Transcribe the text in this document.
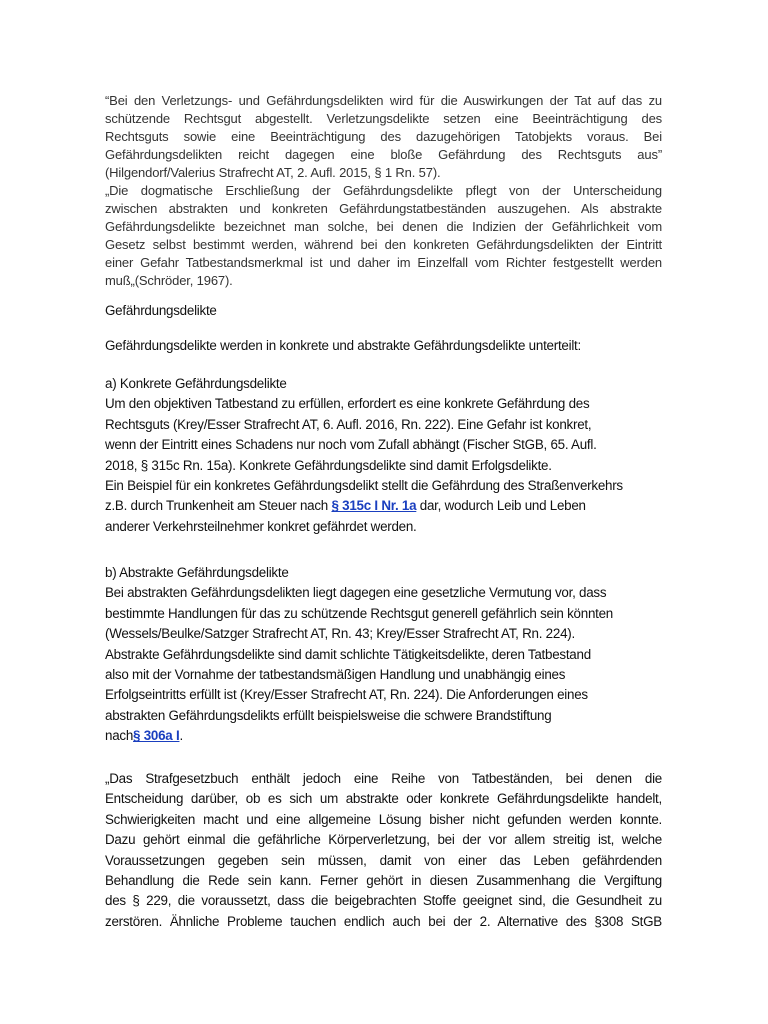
“Bei den Verletzungs- und Gefährdungsdelikten wird für die Auswirkungen der Tat auf das zu
schützende Rechtsgut abgestellt. Verletzungsdelikte setzen eine Beeinträchtigung des
Rechtsguts sowie eine Beeinträchtigung des dazugehörigen Tatobjekts voraus. Bei
Gefährdungsdelikten reicht dagegen eine bloße Gefährdung des Rechtsguts aus”
(Hilgendorf/Valerius Strafrecht AT, 2. Aufl. 2015, § 1 Rn. 57).
„Die dogmatische Erschließung der Gefährdungsdelikte pflegt von der Unterscheidung
zwischen abstrakten und konkreten Gefährdungstatbeständen auszugehen. Als abstrakte
Gefährdungsdelikte bezeichnet man solche, bei denen die Indizien der Gefährlichkeit vom
Gesetz selbst bestimmt werden, während bei den konkreten Gefährdungsdelikten der Eintritt
einer Gefahr Tatbestandsmerkmal ist und daher im Einzelfall vom Richter festgestellt werden
muß„(Schröder, 1967).
Gefährdungsdelikte
Gefährdungsdelikte werden in konkrete und abstrakte Gefährdungsdelikte unterteilt:
a) Konkrete Gefährdungsdelikte
Um den objektiven Tatbestand zu erfüllen, erfordert es eine konkrete Gefährdung des
Rechtsguts (Krey/Esser Strafrecht AT, 6. Aufl. 2016, Rn. 222). Eine Gefahr ist konkret,
wenn der Eintritt eines Schadens nur noch vom Zufall abhängt (Fischer StGB, 65. Aufl.
2018, § 315c Rn. 15a). Konkrete Gefährdungsdelikte sind damit Erfolgsdelikte.
Ein Beispiel für ein konkretes Gefährdungsdelikt stellt die Gefährdung des Straßenverkehrs
z.B. durch Trunkenheit am Steuer nach § 315c I Nr. 1a dar, wodurch Leib und Leben
anderer Verkehrsteilnehmer konkret gefährdet werden.
b) Abstrakte Gefährdungsdelikte
Bei abstrakten Gefährdungsdelikten liegt dagegen eine gesetzliche Vermutung vor, dass
bestimmte Handlungen für das zu schützende Rechtsgut generell gefährlich sein könnten
(Wessels/Beulke/Satzger Strafrecht AT, Rn. 43; Krey/Esser Strafrecht AT, Rn. 224).
Abstrakte Gefährdungsdelikte sind damit schlichte Tätigkeitsdelikte, deren Tatbestand
also mit der Vornahme der tatbestandsmäßigen Handlung und unabhängig eines
Erfolgseintritts erfüllt ist (Krey/Esser Strafrecht AT, Rn. 224). Die Anforderungen eines
abstrakten Gefährdungsdelikts erfüllt beispielsweise die schwere Brandstiftung
nach§ 306a I.
„Das Strafgesetzbuch enthält jedoch eine Reihe von Tatbeständen, bei denen die
Entscheidung darüber, ob es sich um abstrakte oder konkrete Gefährdungsdelikte handelt,
Schwierigkeiten macht und eine allgemeine Lösung bisher nicht gefunden werden konnte.
Dazu gehört einmal die gefährliche Körperverletzung, bei der vor allem streitig ist, welche
Voraussetzungen gegeben sein müssen, damit von einer das Leben gefährdenden
Behandlung die Rede sein kann. Ferner gehört in diesen Zusammenhang die Vergiftung
des § 229, die voraussetzt, dass die beigebrachten Stoffe geeignet sind, die Gesundheit zu
zerstören. Ähnliche Probleme tauchen endlich auch bei der 2. Alternative des §308 StGB
